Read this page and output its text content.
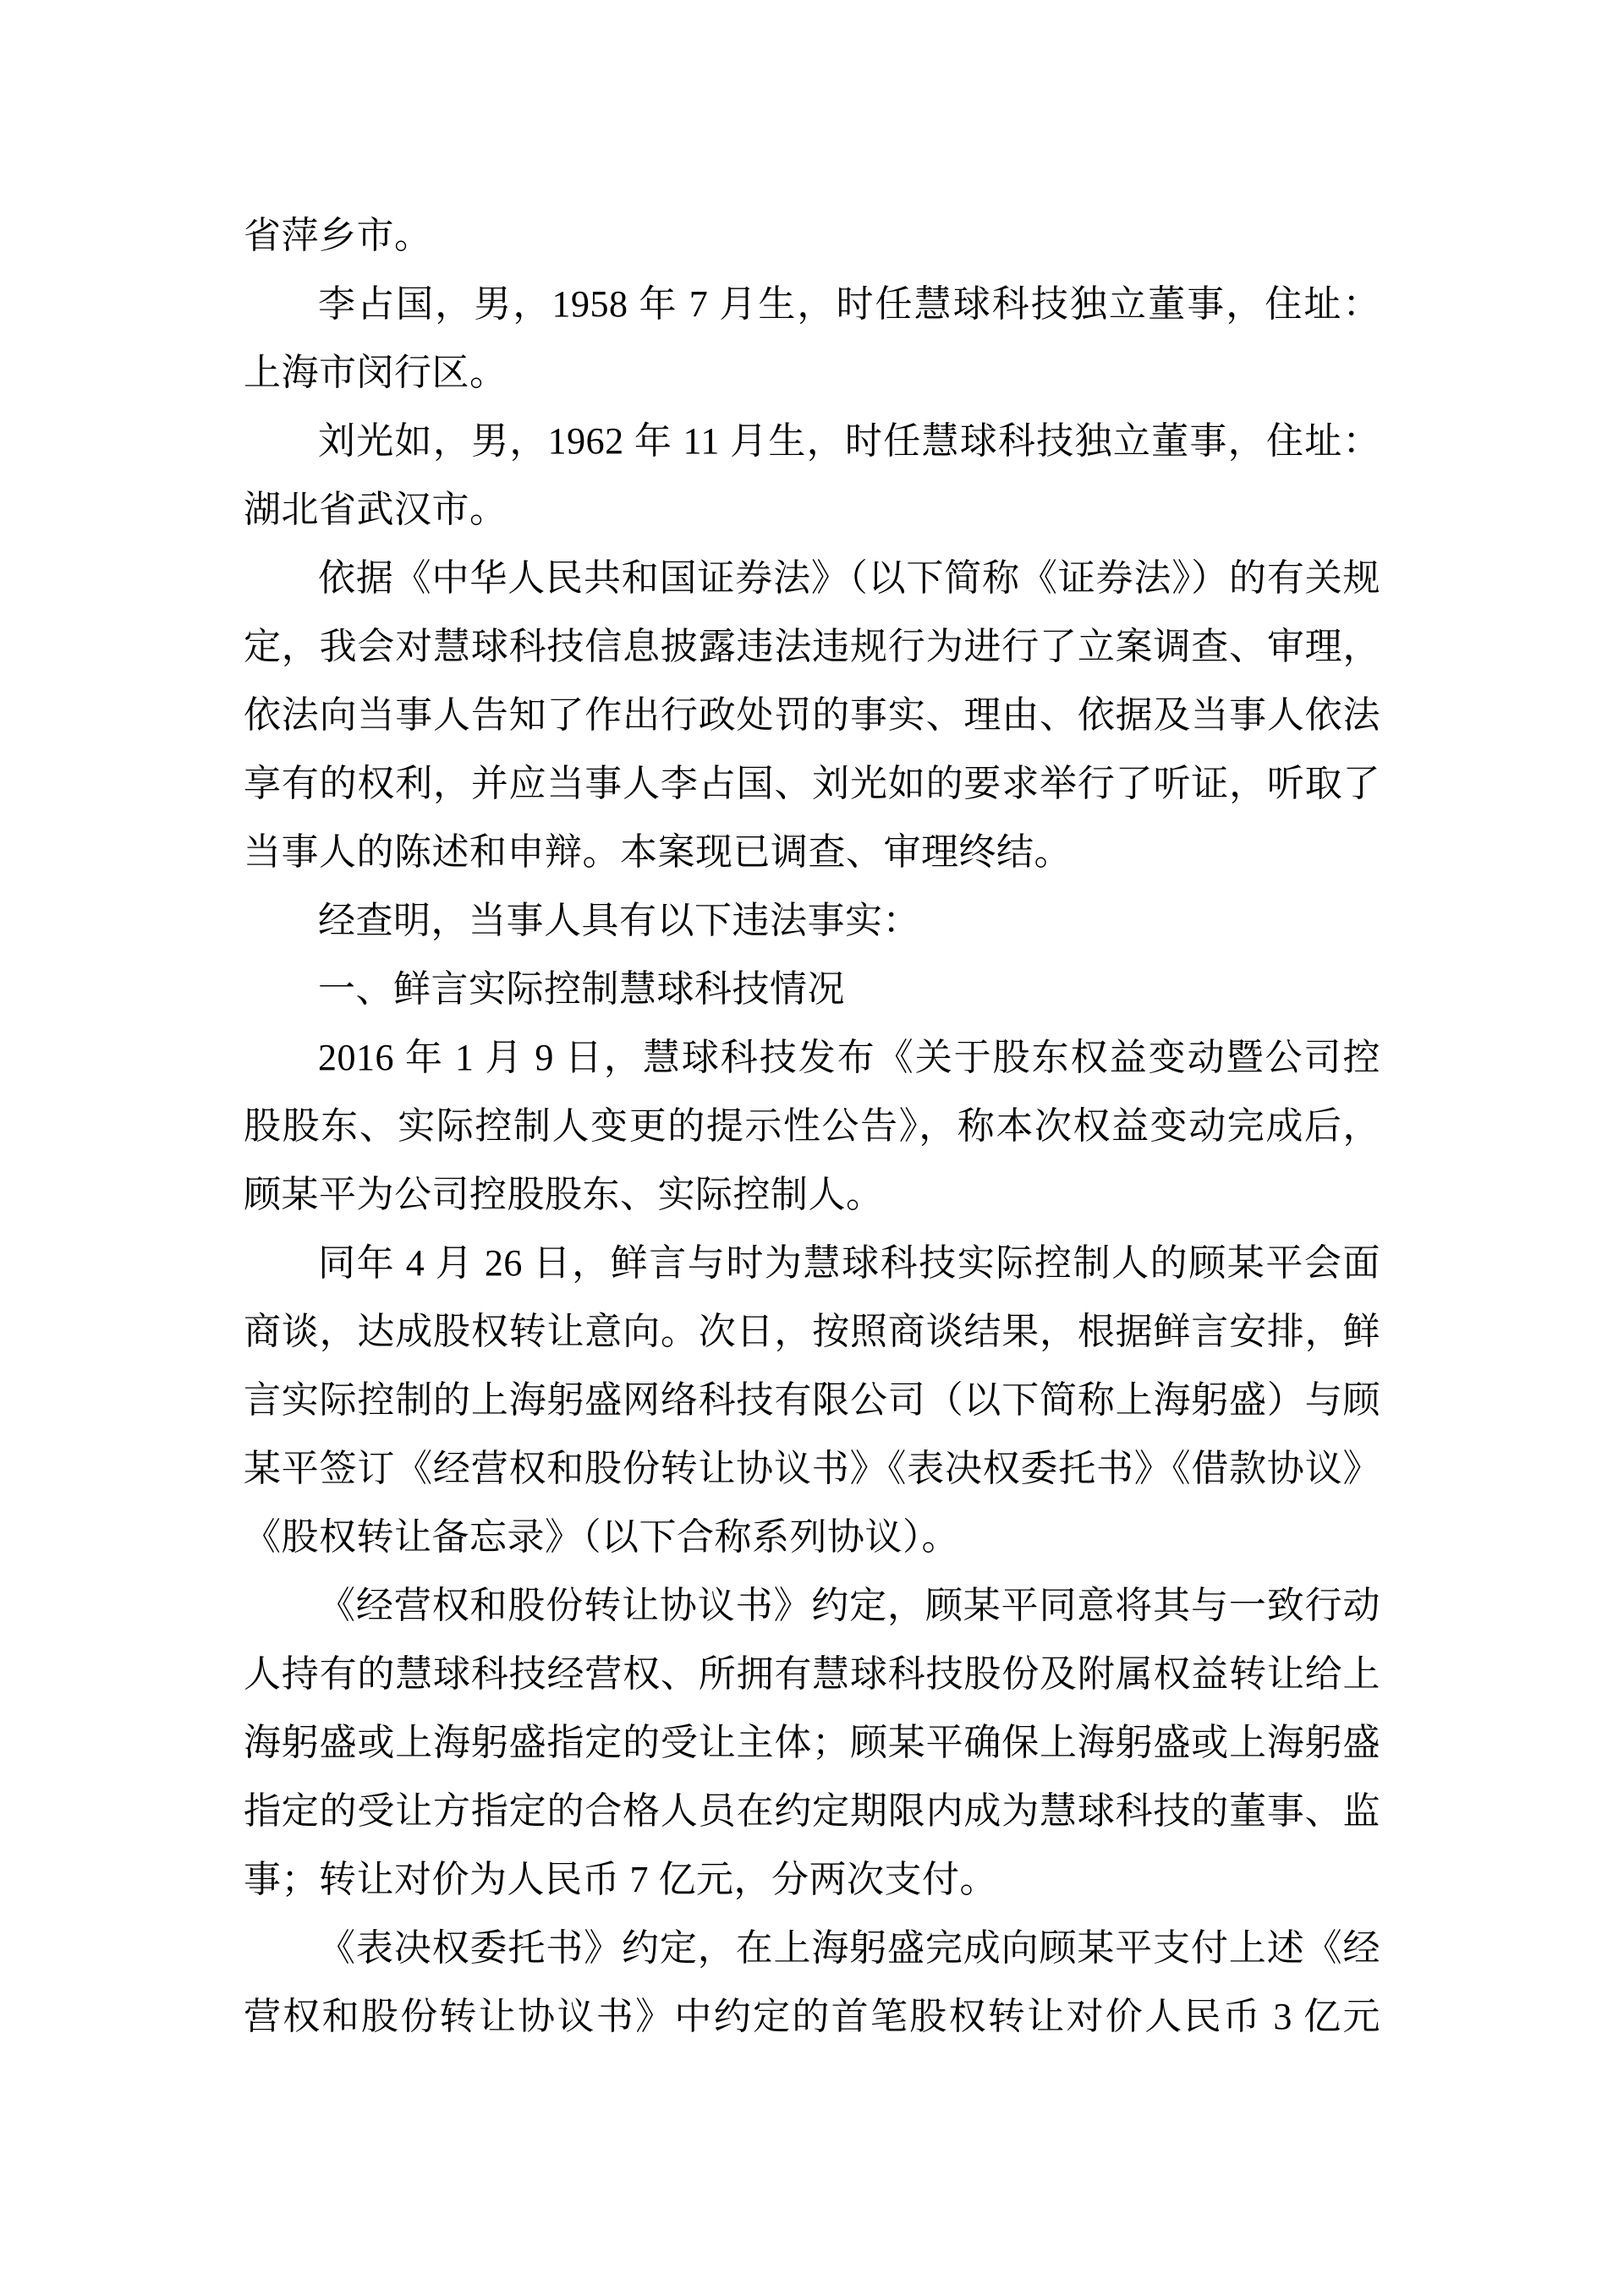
省萍乡市。
李占国，男，1958 年 7 月生，时任慧球科技独立董事，住址：
上海市闵行区。
刘光如，男，1962 年 11 月生，时任慧球科技独立董事，住址：
湖北省武汉市。
依据《中华人民共和国证券法》（以下简称《证券法》）的有关规
定，我会对慧球科技信息披露违法违规行为进行了立案调查、审理，
依法向当事人告知了作出行政处罚的事实、理由、依据及当事人依法
享有的权利，并应当事人李占国、刘光如的要求举行了听证，听取了
当事人的陈述和申辩。本案现已调查、审理终结。
经查明，当事人具有以下违法事实：
一、鲜言实际控制慧球科技情况
2016 年 1 月 9 日，慧球科技发布《关于股东权益变动暨公司控
股股东、实际控制人变更的提示性公告》，称本次权益变动完成后，
顾某平为公司控股股东、实际控制人。
同年 4 月 26 日，鲜言与时为慧球科技实际控制人的顾某平会面
商谈，达成股权转让意向。次日，按照商谈结果，根据鲜言安排，鲜
言实际控制的上海躬盛网络科技有限公司（以下简称上海躬盛）与顾
某平签订《经营权和股份转让协议书》《表决权委托书》《借款协议》
《股权转让备忘录》（以下合称系列协议）。
《经营权和股份转让协议书》约定，顾某平同意将其与一致行动
人持有的慧球科技经营权、所拥有慧球科技股份及附属权益转让给上
海躬盛或上海躬盛指定的受让主体；顾某平确保上海躬盛或上海躬盛
指定的受让方指定的合格人员在约定期限内成为慧球科技的董事、监
事；转让对价为人民币 7 亿元，分两次支付。
《表决权委托书》约定，在上海躬盛完成向顾某平支付上述《经
营权和股份转让协议书》中约定的首笔股权转让对价人民币 3 亿元
